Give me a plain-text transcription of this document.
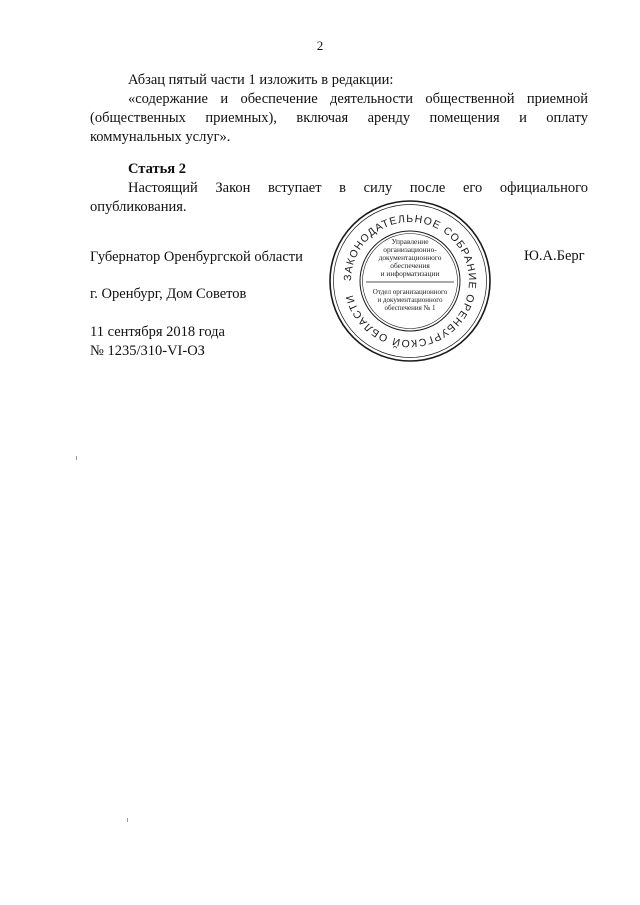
2
Абзац пятый части 1 изложить в редакции:
«содержание и обеспечение деятельности общественной приемной
(общественных приемных), включая аренду помещения и оплату
коммунальных услуг».
Статья 2
Настоящий Закон вступает в силу после его официального
опубликования.
Губернатор Оренбургской области	Ю.А.Берг
г. Оренбург, Дом Советов
11 сентября 2018 года
№ 1235/310-VI-ОЗ
ЗАКОНОДАТЕЛЬНОЕ СОБРАНИЕ ОРЕНБУРГСКОЙ ОБЛАСТИ
Управление
организационно-
документационного
обеспечения
и информатизации
Отдел организационного
и документационного
обеспечения № 1
